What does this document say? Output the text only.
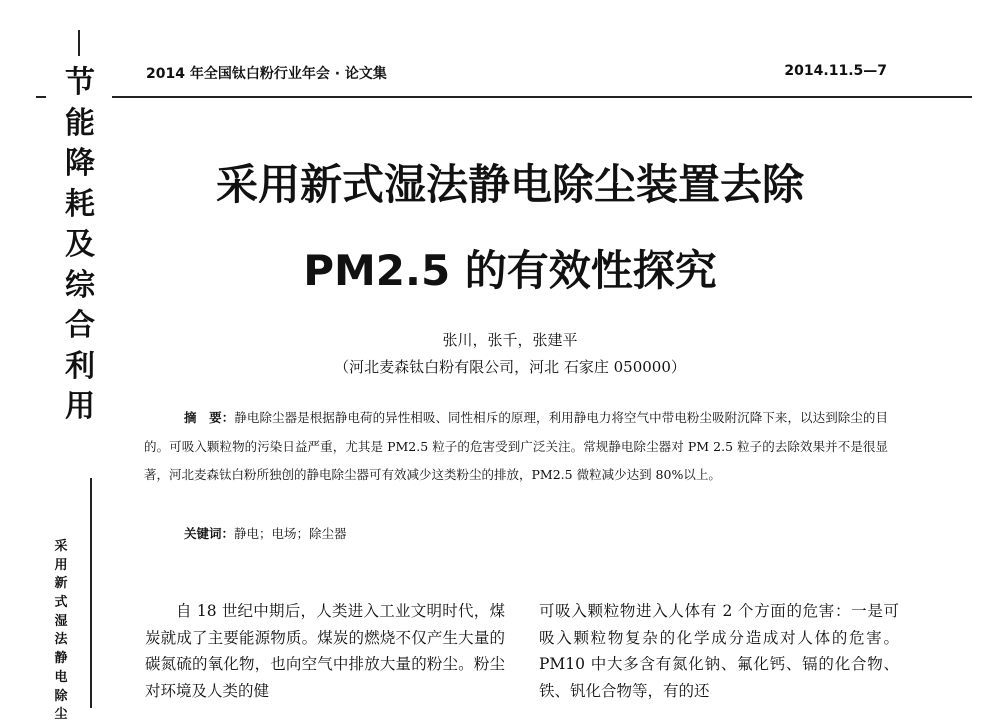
节
能
降
耗
及
综
合
利
用
采
用
新
式
湿
法
静
电
除
尘
2014 年全国钛白粉行业年会 · 论文集	2014.11.5—7
采用新式湿法静电除尘装置去除
PM2.5 的有效性探究
张川，张千，张建平
（河北麦森钛白粉有限公司，河北 石家庄 050000）

摘　要：静电除尘器是根据静电荷的异性相吸、同性相斥的原理，利用静电力将空气中带电粉尘吸附沉降下来，以达到除尘的目的。可吸入颗粒物的污染日益严重，尤其是 PM2.5 粒子的危害受到广泛关注。常规静电除尘器对 PM 2.5 粒子的去除效果并不是很显著，河北麦森钛白粉所独创的静电除尘器可有效减少这类粉尘的排放，PM2.5 微粒减少达到 80%以上。

关键词：静电；电场；除尘器

自 18 世纪中期后，人类进入工业文明时代，煤炭就成了主要能源物质。煤炭的燃烧不仅产生大量的碳氮硫的氧化物，也向空气中排放大量的粉尘。粉尘对环境及人类的健

可吸入颗粒物进入人体有 2 个方面的危害：一是可吸入颗粒物复杂的化学成分造成对人体的危害。PM10 中大多含有氮化钠、氟化钙、镉的化合物、铁、钒化合物等，有的还
